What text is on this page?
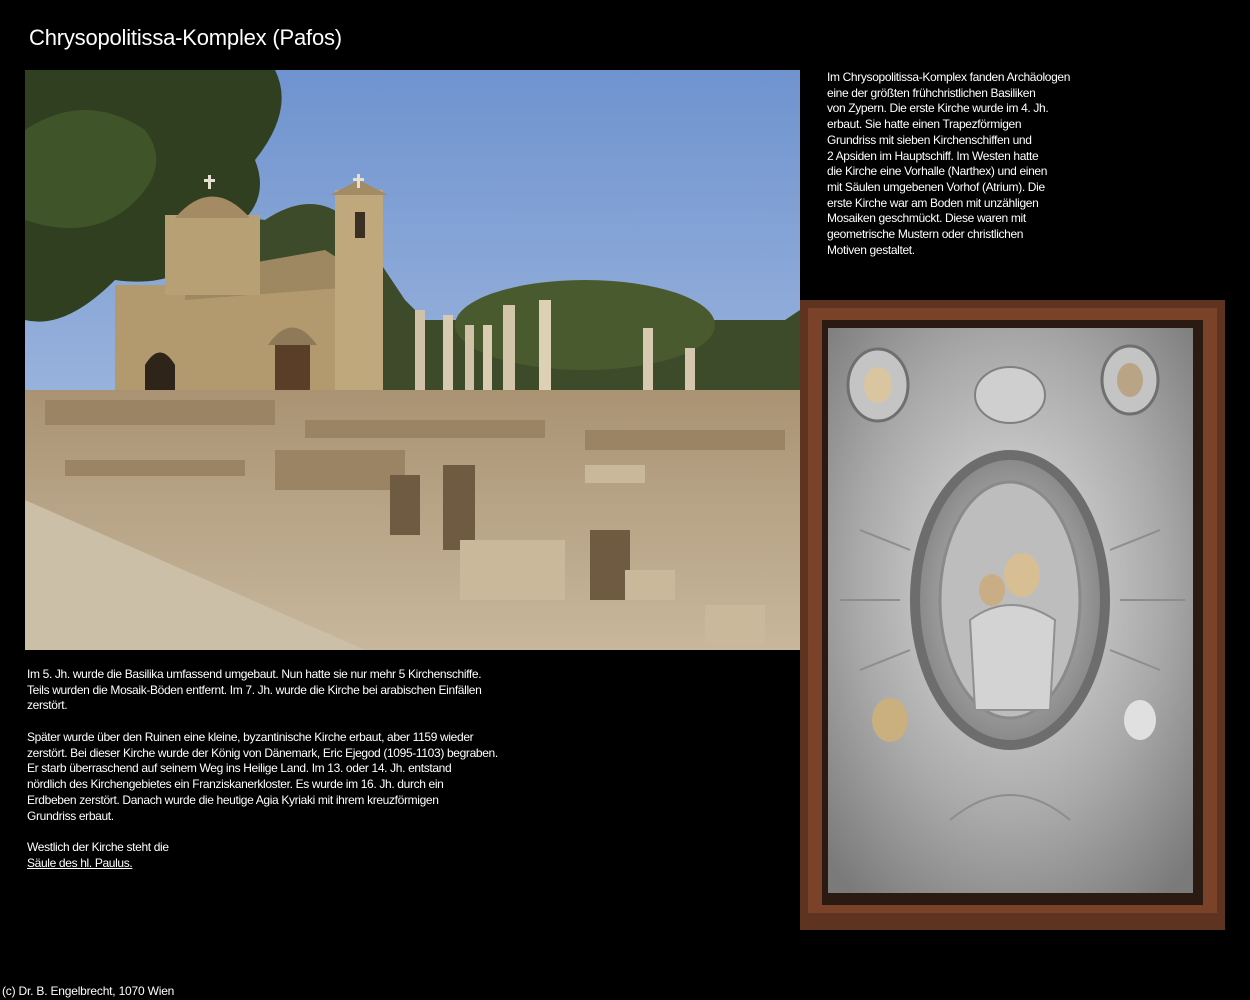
Chrysopolitissa-Komplex (Pafos)

Im Chrysopolitissa-Komplex fanden Archäologen
eine der größten frühchristlichen Basiliken
von Zypern. Die erste Kirche wurde im 4. Jh.
erbaut. Sie hatte einen Trapezförmigen
Grundriss mit sieben Kirchenschiffen und
2 Apsiden im Hauptschiff. Im Westen hatte
die Kirche eine Vorhalle (Narthex) und einen
mit Säulen umgebenen Vorhof (Atrium). Die
erste Kirche war am Boden mit unzähligen
Mosaiken geschmückt. Diese waren mit
geometrische Mustern oder christlichen
Motiven gestaltet.

Im 5. Jh. wurde die Basilika umfassend umgebaut. Nun hatte sie nur mehr 5 Kirchenschiffe.
Teils wurden die Mosaik-Böden entfernt. Im 7. Jh. wurde die Kirche bei arabischen Einfällen
zerstört.

Später wurde über den Ruinen eine kleine, byzantinische Kirche erbaut, aber 1159 wieder
zerstört. Bei dieser Kirche wurde der König von Dänemark, Eric Ejegod (1095-1103) begraben.
Er starb überraschend auf seinem Weg ins Heilige Land. Im 13. oder 14. Jh. entstand
nördlich des Kirchengebietes ein Franziskanerkloster. Es wurde im 16. Jh. durch ein
Erdbeben zerstört. Danach wurde die heutige Agia Kyriaki mit ihrem kreuzförmigen
Grundriss erbaut.

Westlich der Kirche steht die
Säule des hl. Paulus.

(c) Dr. B. Engelbrecht, 1070 Wien
